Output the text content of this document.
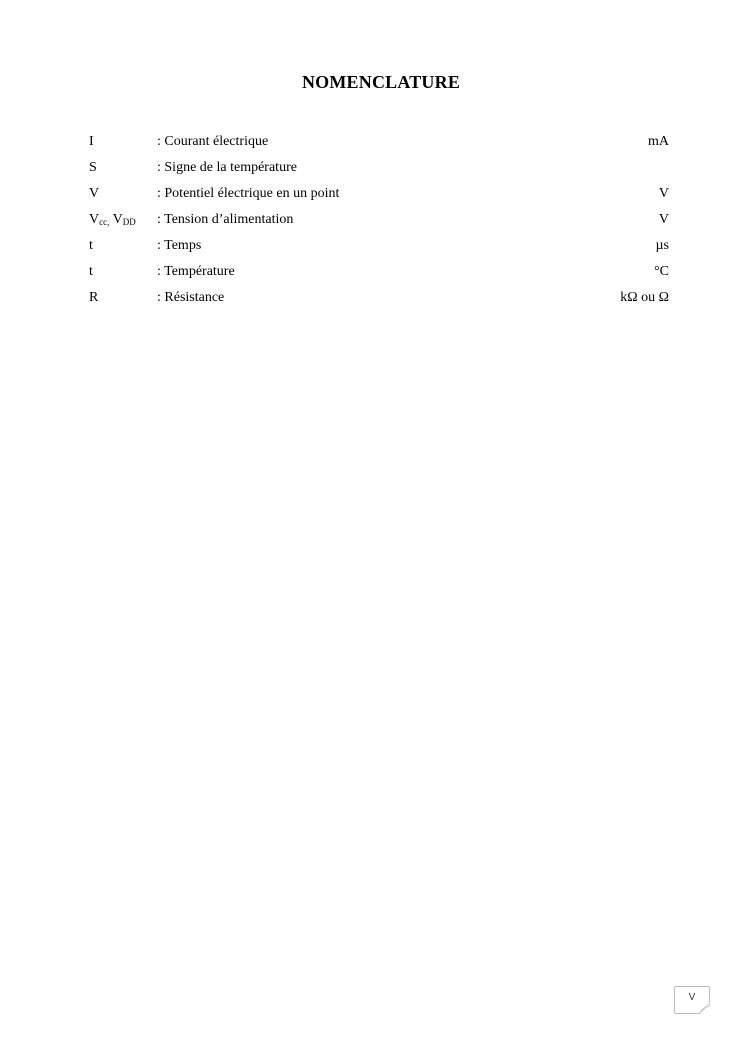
NOMENCLATURE
I	: Courant électrique	mA
S	: Signe de la température
V	: Potentiel électrique en un point	V
$V_{cc,}$ $V_{DD}$ : Tension d’alimentation	V
t	: Temps	µs
t	: Température	°C
R	: Résistance	kΩ ou Ω
V
